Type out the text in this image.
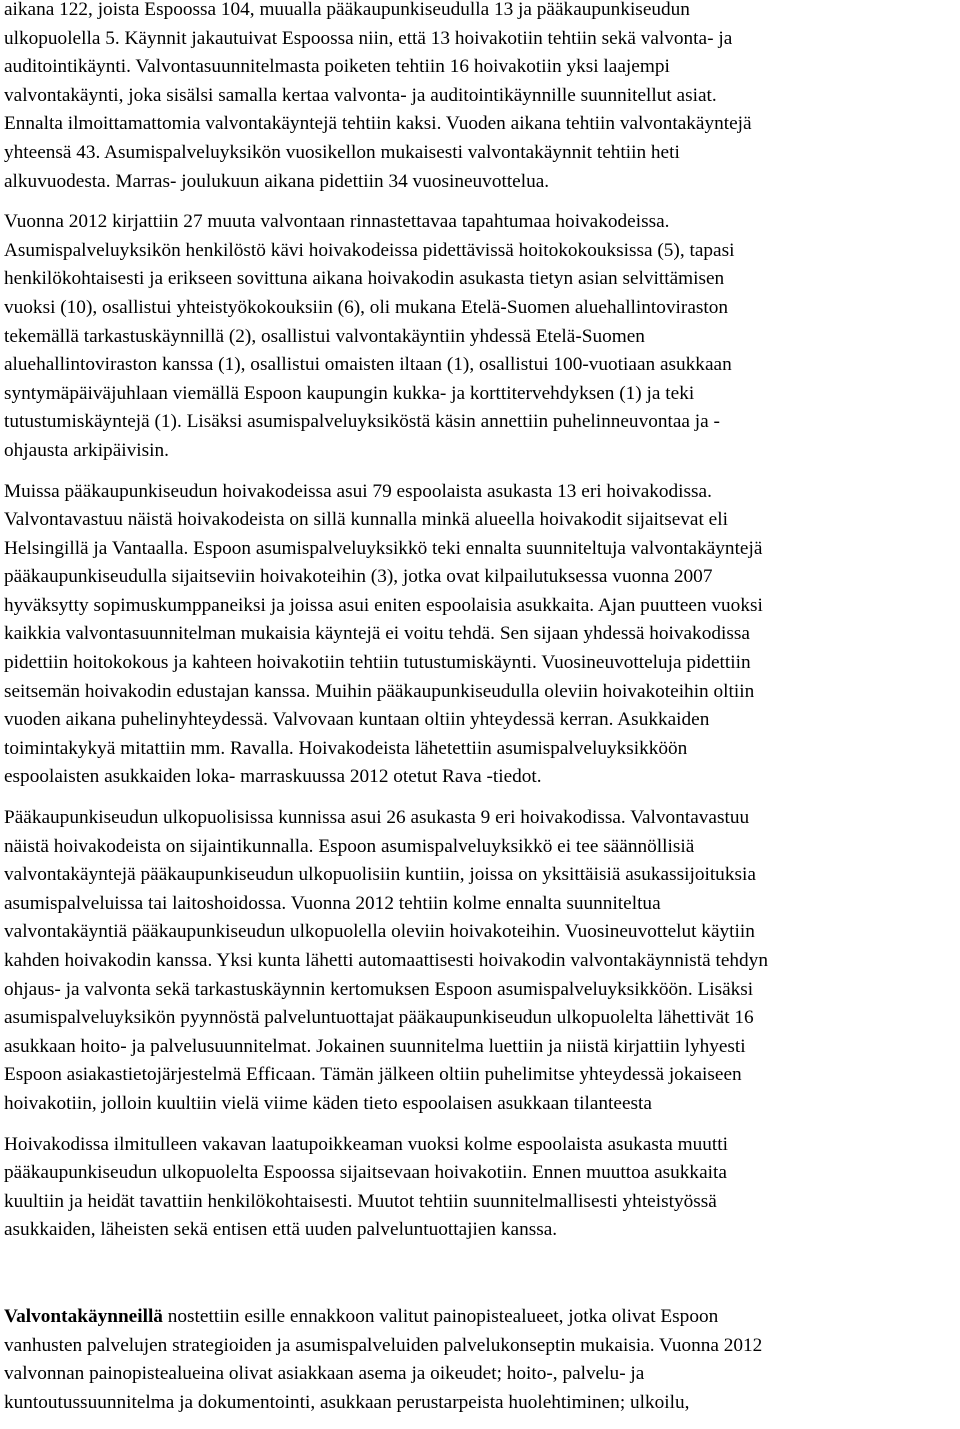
aikana 122, joista Espoossa 104, muualla pääkaupunkiseudulla 13 ja pääkaupunkiseudun
ulkopuolella 5. Käynnit jakautuivat Espoossa niin, että 13 hoivakotiin tehtiin sekä valvonta- ja
auditointikäynti. Valvontasuunnitelmasta poiketen tehtiin 16 hoivakotiin yksi laajempi
valvontakäynti, joka sisälsi samalla kertaa valvonta- ja auditointikäynnille suunnitellut asiat.
Ennalta ilmoittamattomia valvontakäyntejä tehtiin kaksi. Vuoden aikana tehtiin valvontakäyntejä
yhteensä 43. Asumispalveluyksikön vuosikellon mukaisesti valvontakäynnit tehtiin heti
alkuvuodesta. Marras- joulukuun aikana pidettiin 34 vuosineuvottelua.
Vuonna 2012 kirjattiin 27 muuta valvontaan rinnastettavaa tapahtumaa hoivakodeissa.
Asumispalveluyksikön henkilöstö kävi hoivakodeissa pidettävissä hoitokokouksissa (5), tapasi
henkilökohtaisesti ja erikseen sovittuna aikana hoivakodin asukasta tietyn asian selvittämisen
vuoksi (10), osallistui yhteistyökokouksiin (6), oli mukana Etelä-Suomen aluehallintoviraston
tekemällä tarkastuskäynnillä (2), osallistui valvontakäyntiin yhdessä Etelä-Suomen
aluehallintoviraston kanssa (1), osallistui omaisten iltaan (1), osallistui 100-vuotiaan asukkaan
syntymäpäiväjuhlaan viemällä Espoon kaupungin kukka- ja korttitervehdyksen (1) ja teki
tutustumiskäyntejä (1). Lisäksi asumispalveluyksiköstä käsin annettiin puhelinneuvontaa ja -
ohjausta arkipäivisin.
Muissa pääkaupunkiseudun hoivakodeissa asui 79 espoolaista asukasta 13 eri hoivakodissa.
Valvontavastuu näistä hoivakodeista on sillä kunnalla minkä alueella hoivakodit sijaitsevat eli
Helsingillä ja Vantaalla. Espoon asumispalveluyksikkö teki ennalta suunniteltuja valvontakäyntejä
pääkaupunkiseudulla sijaitseviin hoivakoteihin (3), jotka ovat kilpailutuksessa vuonna 2007
hyväksytty sopimuskumppaneiksi ja joissa asui eniten espoolaisia asukkaita. Ajan puutteen vuoksi
kaikkia valvontasuunnitelman mukaisia käyntejä ei voitu tehdä. Sen sijaan yhdessä hoivakodissa
pidettiin hoitokokous ja kahteen hoivakotiin tehtiin tutustumiskäynti. Vuosineuvotteluja pidettiin
seitsemän hoivakodin edustajan kanssa. Muihin pääkaupunkiseudulla oleviin hoivakoteihin oltiin
vuoden aikana puhelinyhteydessä. Valvovaan kuntaan oltiin yhteydessä kerran. Asukkaiden
toimintakykyä mitattiin mm. Ravalla. Hoivakodeista lähetettiin asumispalveluyksikköön
espoolaisten asukkaiden loka- marraskuussa 2012 otetut Rava -tiedot.
Pääkaupunkiseudun ulkopuolisissa kunnissa asui 26 asukasta 9 eri hoivakodissa. Valvontavastuu
näistä hoivakodeista on sijaintikunnalla. Espoon asumispalveluyksikkö ei tee säännöllisiä
valvontakäyntejä pääkaupunkiseudun ulkopuolisiin kuntiin, joissa on yksittäisiä asukassijoituksia
asumispalveluissa tai laitoshoidossa. Vuonna 2012 tehtiin kolme ennalta suunniteltua
valvontakäyntiä pääkaupunkiseudun ulkopuolella oleviin hoivakoteihin. Vuosineuvottelut käytiin
kahden hoivakodin kanssa. Yksi kunta lähetti automaattisesti hoivakodin valvontakäynnistä tehdyn
ohjaus- ja valvonta sekä tarkastuskäynnin kertomuksen Espoon asumispalveluyksikköön. Lisäksi
asumispalveluyksikön pyynnöstä palveluntuottajat pääkaupunkiseudun ulkopuolelta lähettivät 16
asukkaan hoito- ja palvelusuunnitelmat. Jokainen suunnitelma luettiin ja niistä kirjattiin lyhyesti
Espoon asiakastietojärjestelmä Efficaan. Tämän jälkeen oltiin puhelimitse yhteydessä jokaiseen
hoivakotiin, jolloin kuultiin vielä viime käden tieto espoolaisen asukkaan tilanteesta
Hoivakodissa ilmitulleen vakavan laatupoikkeaman vuoksi kolme espoolaista asukasta muutti
pääkaupunkiseudun ulkopuolelta Espoossa sijaitsevaan hoivakotiin. Ennen muuttoa asukkaita
kuultiin ja heidät tavattiin henkilökohtaisesti. Muutot tehtiin suunnitelmallisesti yhteistyössä
asukkaiden, läheisten sekä entisen että uuden palveluntuottajien kanssa.
Valvontakäynneillä nostettiin esille ennakkoon valitut painopistealueet, jotka olivat Espoon
vanhusten palvelujen strategioiden ja asumispalveluiden palvelukonseptin mukaisia. Vuonna 2012
valvonnan painopistealueina olivat asiakkaan asema ja oikeudet; hoito-, palvelu- ja
kuntoutussuunnitelma ja dokumentointi, asukkaan perustarpeista huolehtiminen; ulkoilu,
